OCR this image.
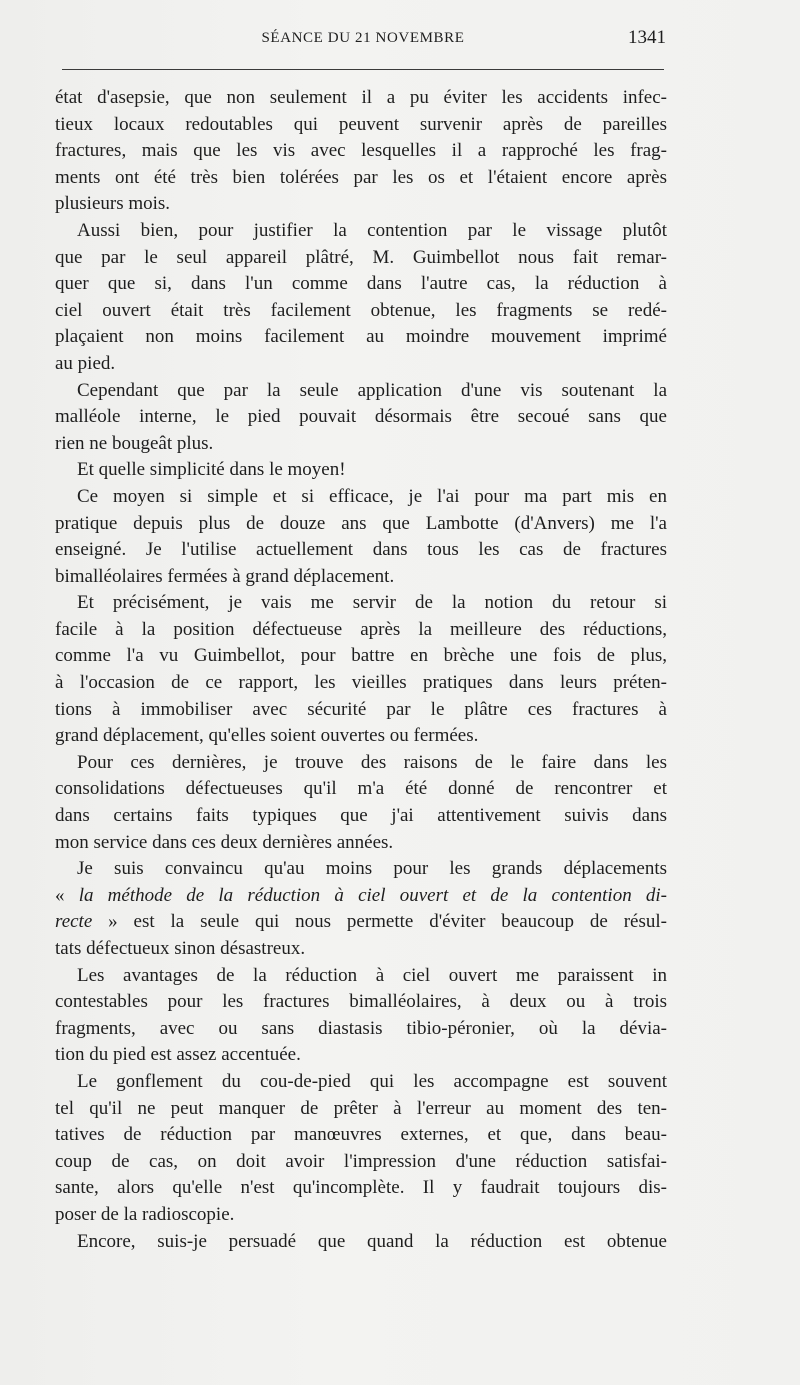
SÉANCE DU 21 NOVEMBRE	1341
état d'asepsie, que non seulement il a pu éviter les accidents infec-
tieux locaux redoutables qui peuvent survenir après de pareilles
fractures, mais que les vis avec lesquelles il a rapproché les frag-
ments ont été très bien tolérées par les os et l'étaient encore après
plusieurs mois.
Aussi bien, pour justifier la contention par le vissage plutôt
que par le seul appareil plâtré, M. Guimbellot nous fait remar-
quer que si, dans l'un comme dans l'autre cas, la réduction à
ciel ouvert était très facilement obtenue, les fragments se redé-
plaçaient non moins facilement au moindre mouvement imprimé
au pied.
Cependant que par la seule application d'une vis soutenant la
malléole interne, le pied pouvait désormais être secoué sans que
rien ne bougeât plus.
Et quelle simplicité dans le moyen!
Ce moyen si simple et si efficace, je l'ai pour ma part mis en
pratique depuis plus de douze ans que Lambotte (d'Anvers) me l'a
enseigné. Je l'utilise actuellement dans tous les cas de fractures
bimalléolaires fermées à grand déplacement.
Et précisément, je vais me servir de la notion du retour si
facile à la position défectueuse après la meilleure des réductions,
comme l'a vu Guimbellot, pour battre en brèche une fois de plus,
à l'occasion de ce rapport, les vieilles pratiques dans leurs préten-
tions à immobiliser avec sécurité par le plâtre ces fractures à
grand déplacement, qu'elles soient ouvertes ou fermées.
Pour ces dernières, je trouve des raisons de le faire dans les
consolidations défectueuses qu'il m'a été donné de rencontrer et
dans certains faits typiques que j'ai attentivement suivis dans
mon service dans ces deux dernières années.
Je suis convaincu qu'au moins pour les grands déplacements
« la méthode de la réduction à ciel ouvert et de la contention di-
recte » est la seule qui nous permette d'éviter beaucoup de résul-
tats défectueux sinon désastreux.
Les avantages de la réduction à ciel ouvert me paraissent in
contestables pour les fractures bimalléolaires, à deux ou à trois
fragments, avec ou sans diastasis tibio-péronier, où la dévia-
tion du pied est assez accentuée.
Le gonflement du cou-de-pied qui les accompagne est souvent
tel qu'il ne peut manquer de prêter à l'erreur au moment des ten-
tatives de réduction par manœuvres externes, et que, dans beau-
coup de cas, on doit avoir l'impression d'une réduction satisfai-
sante, alors qu'elle n'est qu'incomplète. Il y faudrait toujours dis-
poser de la radioscopie.
Encore, suis-je persuadé que quand la réduction est obtenue
